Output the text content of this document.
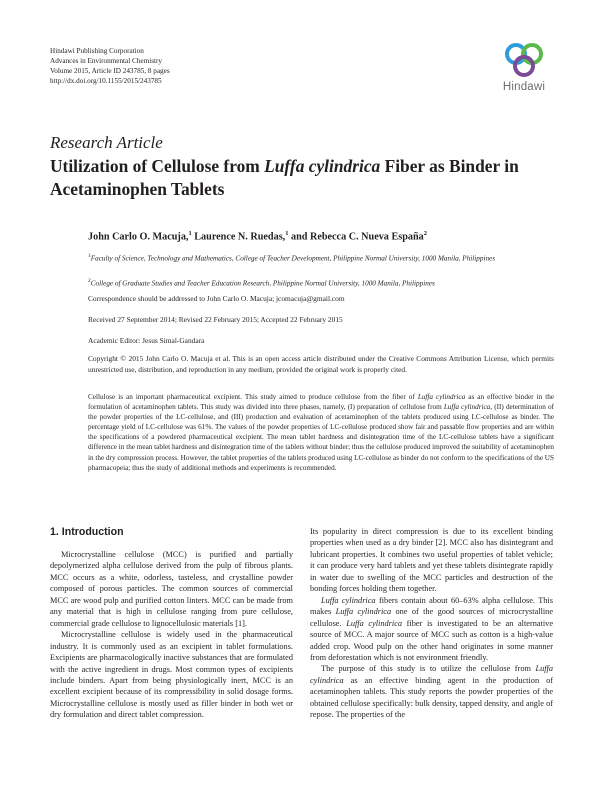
Hindawi Publishing Corporation
Advances in Environmental Chemistry
Volume 2015, Article ID 243785, 8 pages
http://dx.doi.org/10.1155/2015/243785	Hindawi
Research Article
Utilization of Cellulose from Luffa cylindrica Fiber as Binder in Acetaminophen Tablets
John Carlo O. Macuja,$^1$ Laurence N. Ruedas,$^1$ and Rebecca C. Nueva España$^2$
$^1$Faculty of Science, Technology and Mathematics, College of Teacher Development, Philippine Normal University, 1000 Manila, Philippines
$^2$College of Graduate Studies and Teacher Education Research, Philippine Normal University, 1000 Manila, Philippines
Correspondence should be addressed to John Carlo O. Macuja; jcomacuja@gmail.com
Received 27 September 2014; Revised 22 February 2015; Accepted 22 February 2015
Academic Editor: Jesus Simal-Gandara
Copyright © 2015 John Carlo O. Macuja et al. This is an open access article distributed under the Creative Commons Attribution License, which permits unrestricted use, distribution, and reproduction in any medium, provided the original work is properly cited.

Cellulose is an important pharmaceutical excipient. This study aimed to produce cellulose from the fiber of Luffa cylindrica as an effective binder in the formulation of acetaminophen tablets. This study was divided into three phases, namely, (I) preparation of cellulose from Luffa cylindrica, (II) determination of the powder properties of the LC-cellulose, and (III) production and evaluation of acetaminophen of the tablets produced using LC-cellulose as binder. The percentage yield of LC-cellulose was 61%. The values of the powder properties of LC-cellulose produced show fair and passable flow properties and are within the specifications of a powdered pharmaceutical excipient. The mean tablet hardness and disintegration time of the LC-cellulose tablets have a significant difference in the mean tablet hardness and disintegration time of the tablets without binder; thus the cellulose produced improved the suitability of acetaminophen in the dry compression process. However, the tablet properties of the tablets produced using LC-cellulose as binder do not conform to the specifications of the US pharmacopeia; thus the study of additional methods and experiments is recommended.

1. Introduction

Microcrystalline cellulose (MCC) is purified and partially depolymerized alpha cellulose derived from the pulp of fibrous plants. MCC occurs as a white, odorless, tasteless, and crystalline powder composed of porous particles. The common sources of commercial MCC are wood pulp and purified cotton linters. MCC can be made from any material that is high in cellulose ranging from pure cellulose, commercial grade cellulose to lignocellulosic materials [1].

Microcrystalline cellulose is widely used in the pharmaceutical industry. It is commonly used as an excipient in tablet formulations. Excipients are pharmacologically inactive substances that are formulated with the active ingredient in drugs. Most common types of excipients include binders. Apart from being physiologically inert, MCC is an excellent excipient because of its compressibility in solid dosage forms. Microcrystalline cellulose is mostly used as filler binder in both wet or dry formulation and direct tablet compression.

Its popularity in direct compression is due to its excellent binding properties when used as a dry binder [2]. MCC also has disintegrant and lubricant properties. It combines two useful properties of tablet vehicle; it can produce very hard tablets and yet these tablets disintegrate rapidly in water due to swelling of the MCC particles and destruction of the bonding forces holding them together.

Luffa cylindrica fibers contain about 60–63% alpha cellulose. This makes Luffa cylindrica one of the good sources of microcrystalline cellulose. Luffa cylindrica fiber is investigated to be an alternative source of MCC. A major source of MCC such as cotton is a high-value added crop. Wood pulp on the other hand originates in some manner from deforestation which is not environment friendly.

The purpose of this study is to utilize the cellulose from Luffa cylindrica as an effective binding agent in the production of acetaminophen tablets. This study reports the powder properties of the obtained cellulose specifically: bulk density, tapped density, and angle of repose. The properties of the
